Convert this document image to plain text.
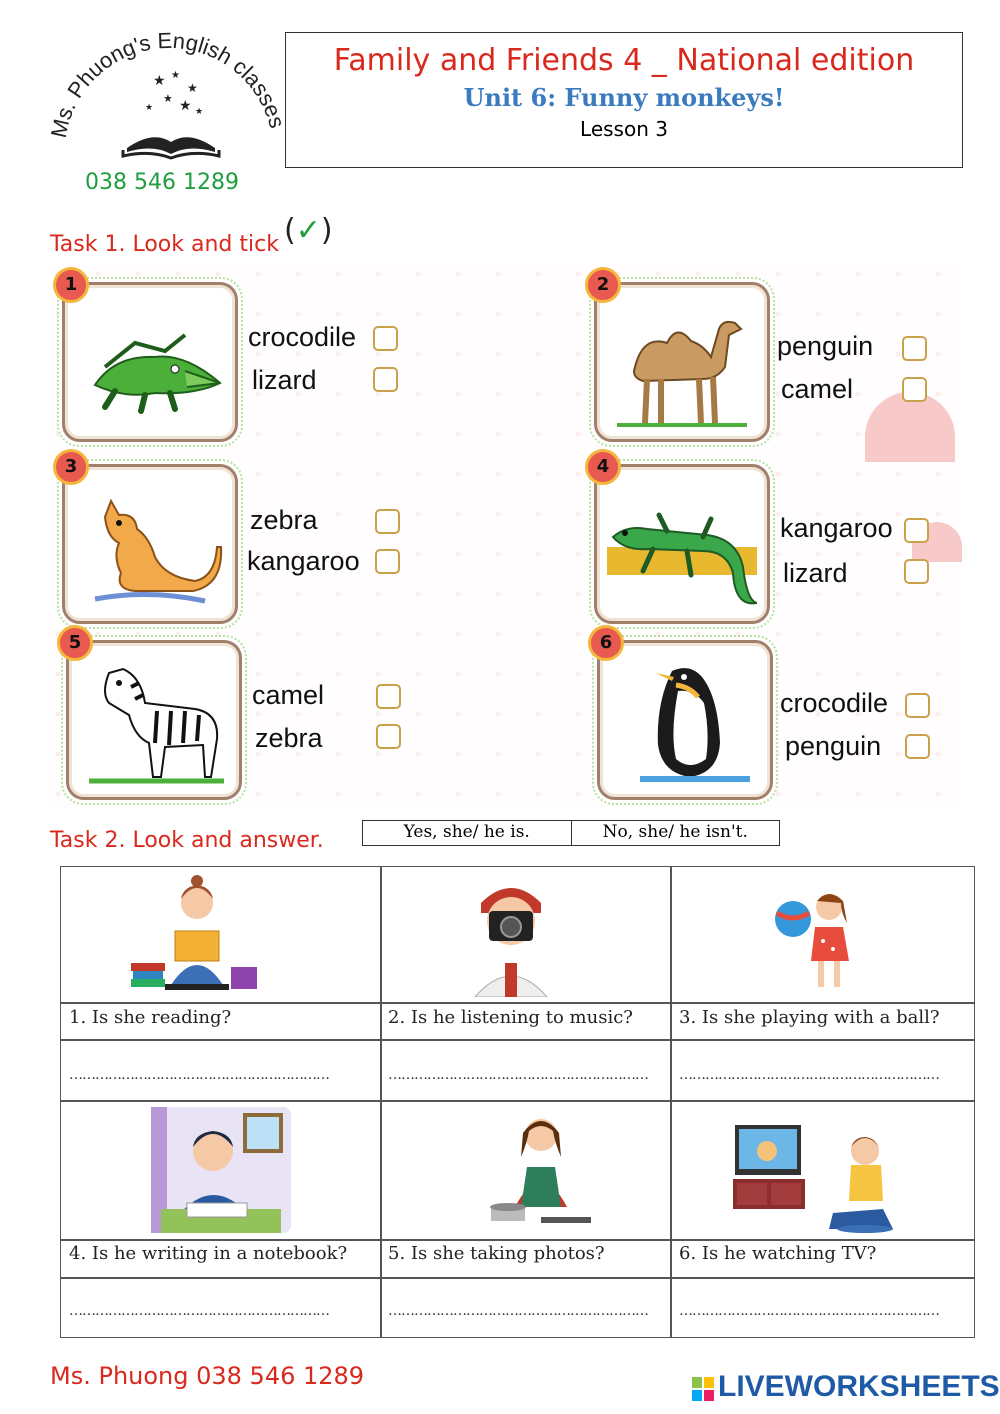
Ms. Phuong's English classe
★ ★
★
★ ★
★	★
038 546 1289
Family and Friends 4 _ National edition
Unit 6: Funny monkeys!
Lesson 3
Task 1. Look and tick (✓)
1
crocodile
lizard
2
penguin
camel
3
zebra
kangaroo
4
kangaroo
lizard
5
camel
zebra
6
crocodile
penguin
Task 2. Look and answer.	Yes, she/ he is.	No, she/ he isn't.
1. Is she reading?	2. Is he listening to music?	3. Is she playing with a ball?
……………………………………………………	……………………………………………………	……………………………………………………
4. Is he writing in a notebook? 5. Is she taking photos?	6. Is he watching TV?
……………………………………………………	……………………………………………………	……………………………………………………
Ms. Phuong 038 546 1289	LIVEWORKSHEETS
